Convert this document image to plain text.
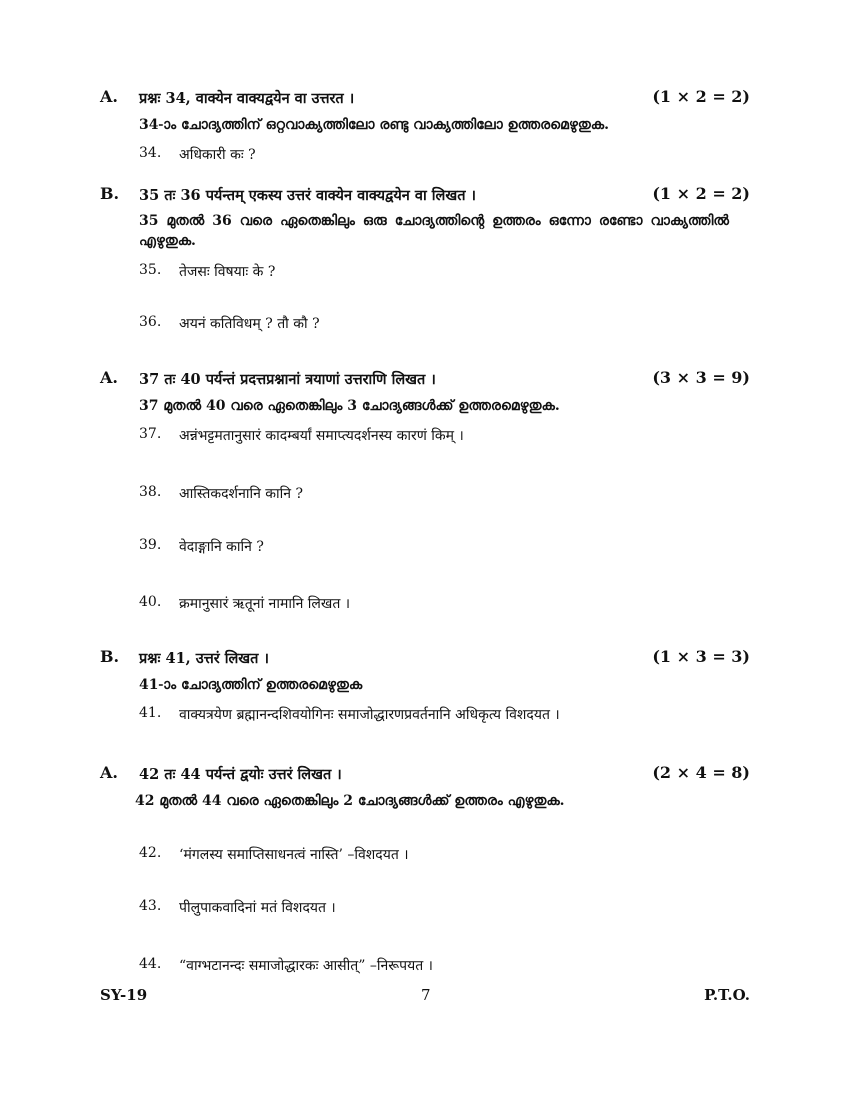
A. प्रश्नः 34, वाक्येन वाक्यद्वयेन वा उत्तरत ।	(1 × 2 = 2)
34-ാം ചോദ്യത്തിന് ഒറ്റവാക്യത്തിലോ രണ്ടു വാക്യത്തിലോ ഉത്തരമെഴുതുക.
34. अधिकारी कः ?
B. 35 तः 36 पर्यन्तम् एकस्य उत्तरं वाक्येन वाक्यद्वयेन वा लिखत ।	(1 × 2 = 2)
35 മുതൽ 36 വരെ ഏതെങ്കിലും ഒരു ചോദ്യത്തിന്റെ ഉത്തരം ഒന്നോ രണ്ടോ വാക്യത്തിൽ എഴുതുക.
35. तेजसः विषयाः के ?
36. अयनं कतिविधम् ? तौ कौ ?
A. 37 तः 40 पर्यन्तं प्रदत्तप्रश्नानां त्रयाणां उत्तराणि लिखत ।	(3 × 3 = 9)
37 മുതൽ 40 വരെ ഏതെങ്കിലും 3 ചോദ്യങ്ങൾക്ക് ഉത്തരമെഴുതുക.
37. अन्नंभट्टमतानुसारं कादम्बर्यां समाप्त्यदर्शनस्य कारणं किम् ।
38. आस्तिकदर्शनानि कानि ?
39. वेदाङ्गानि कानि ?
40. क्रमानुसारं ऋतूनां नामानि लिखत ।
B. प्रश्नः 41, उत्तरं लिखत ।	(1 × 3 = 3)
41-ാം ചോദ്യത്തിന് ഉത്തരമെഴുതുക
41. वाक्यत्रयेण ब्रह्मानन्दशिवयोगिनः समाजोद्धारणप्रवर्तनानि अधिकृत्य विशदयत ।
A. 42 तः 44 पर्यन्तं द्वयोः उत्तरं लिखत ।	(2 × 4 = 8)
42 മുതൽ 44 വരെ ഏതെങ്കിലും 2 ചോദ്യങ്ങൾക്ക് ഉത്തരം എഴുതുക.
42. ‘मंगलस्य समाप्तिसाधनत्वं नास्ति’ –विशदयत ।
43. पीलुपाकवादिनां मतं विशदयत ।
44. “वाग्भटानन्दः समाजोद्धारकः आसीत्” –निरूपयत ।
SY-19	7	P.T.O.
